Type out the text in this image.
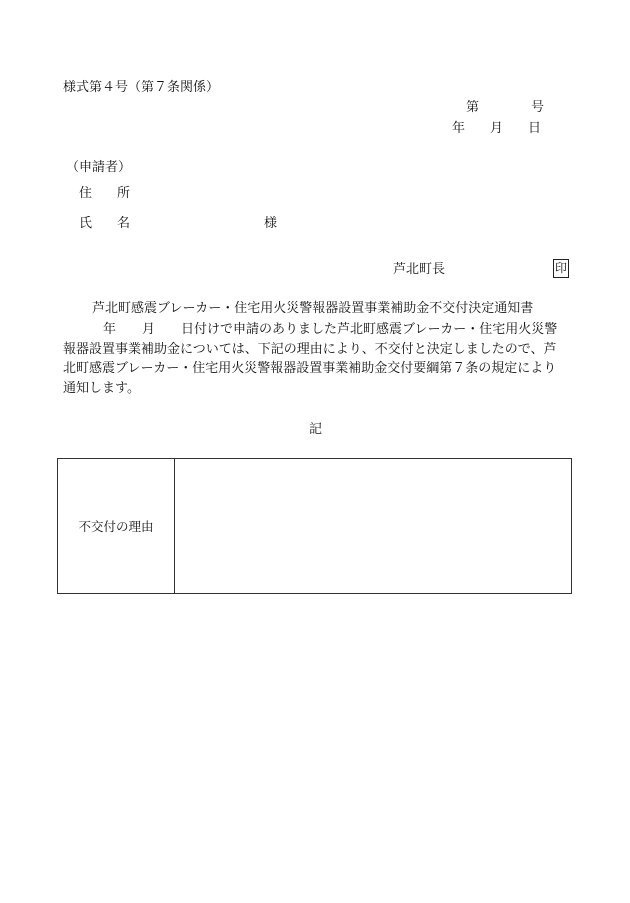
様式第４号（第７条関係）
第	号
年 月 日
（申請者）
住 所
氏 名	様
芦北町長	印
芦北町感震ブレーカー・住宅用火災警報器設置事業補助金不交付決定通知書
年 月 日付けで申請のありました芦北町感震ブレーカー・住宅用火災警
報器設置事業補助金については、下記の理由により、不交付と決定しましたので、芦
北町感震ブレーカー・住宅用火災警報器設置事業補助金交付要綱第７条の規定により
通知します。
記
不交付の理由	
